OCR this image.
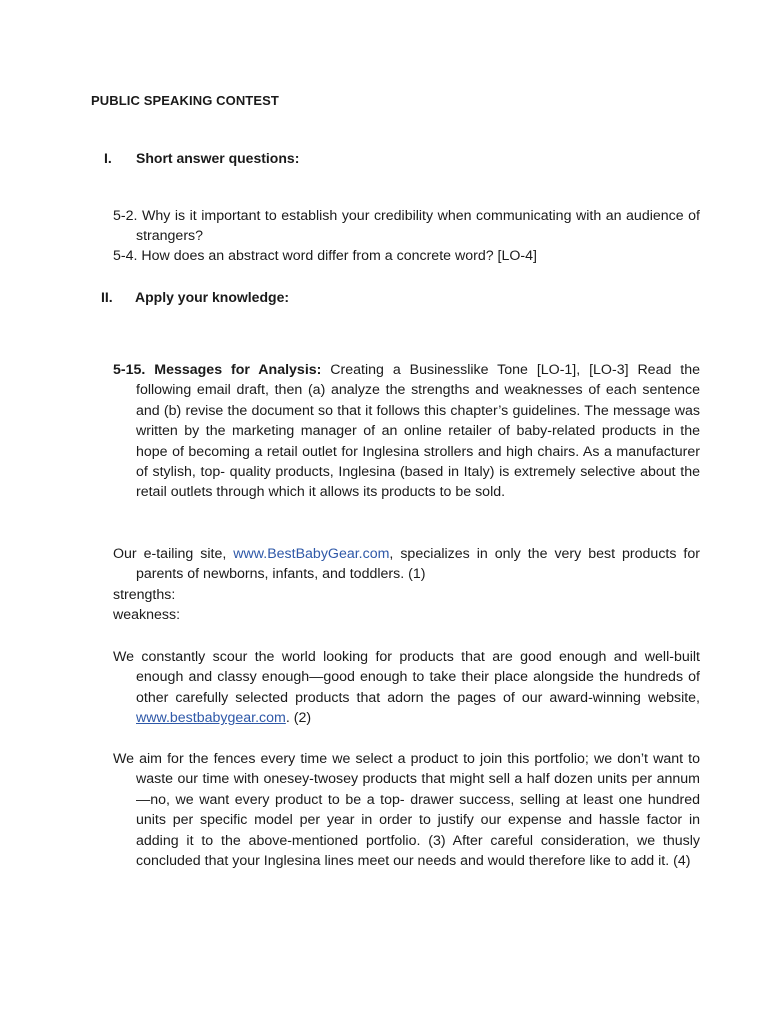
PUBLIC SPEAKING CONTEST
I. Short answer questions:

5-2. Why is it important to establish your credibility when communicating with an audience of strangers?

5-4. How does an abstract word differ from a concrete word? [LO-4]

II. Apply your knowledge:

5-15. Messages for Analysis: Creating a Businesslike Tone [LO-1], [LO-3] Read the following email draft, then (a) analyze the strengths and weaknesses of each sentence and (b) revise the document so that it follows this chapter’s guidelines. The message was written by the marketing manager of an online retailer of baby-related products in the hope of becoming a retail outlet for Inglesina strollers and high chairs. As a manufacturer of stylish, top- quality products, Inglesina (based in Italy) is extremely selective about the retail outlets through which it allows its products to be sold.

Our e-tailing site, www.BestBabyGear.com, specializes in only the very best products for parents of newborns, infants, and toddlers. (1)

strengths:

weakness:

We constantly scour the world looking for products that are good enough and well-built enough and classy enough—good enough to take their place alongside the hundreds of other carefully selected products that adorn the pages of our award-winning website, www.bestbabygear.com. (2)

We aim for the fences every time we select a product to join this portfolio; we don’t want to waste our time with onesey-twosey products that might sell a half dozen units per annum—no, we want every product to be a top- drawer success, selling at least one hundred units per specific model per year in order to justify our expense and hassle factor in adding it to the above-mentioned portfolio. (3) After careful consideration, we thusly concluded that your Inglesina lines meet our needs and would therefore like to add it. (4)
